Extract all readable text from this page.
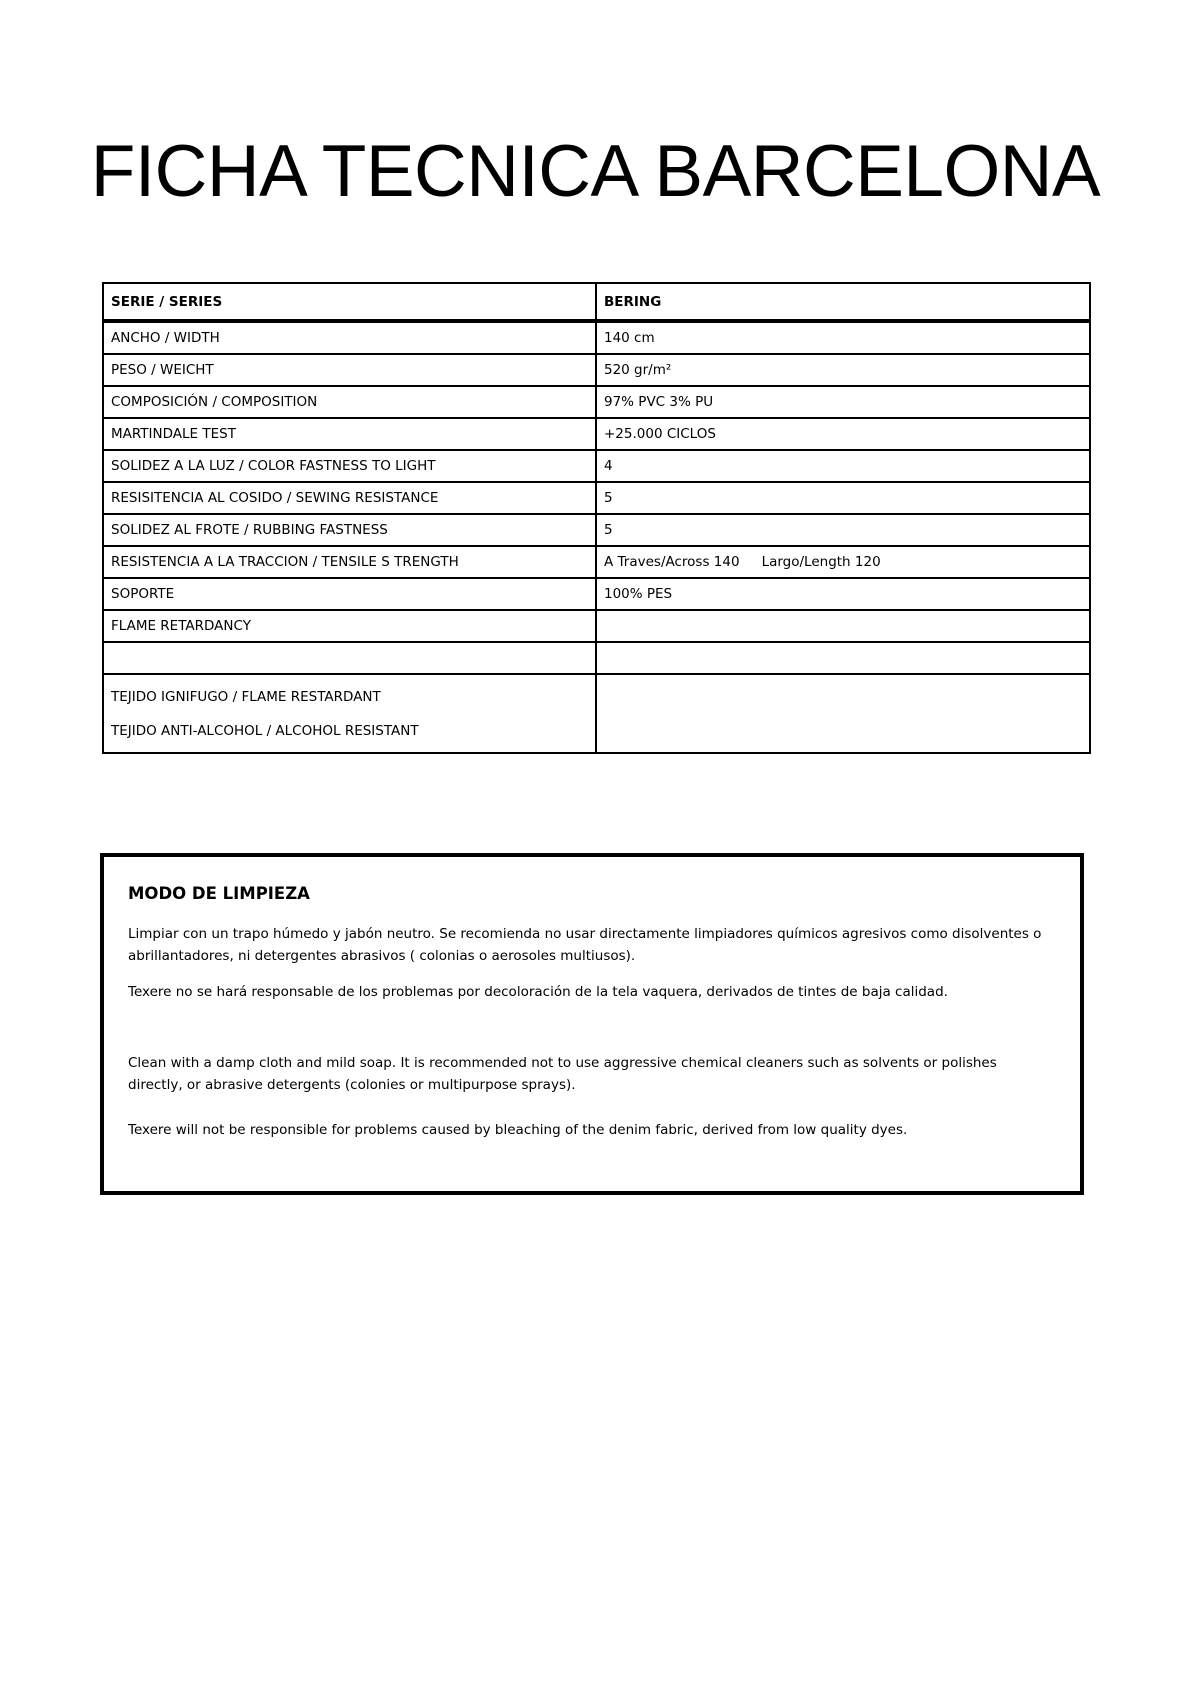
FICHA TECNICA BARCELONA
SERIE / SERIES	BERING
ANCHO / WIDTH	140 cm
PESO / WEICHT	520 gr/m²
COMPOSICIÓN / COMPOSITION	97% PVC 3% PU
MARTINDALE TEST	+25.000 CICLOS
SOLIDEZ A LA LUZ / COLOR FASTNESS TO LIGHT	4
RESISITENCIA AL COSIDO / SEWING RESISTANCE	5
SOLIDEZ AL FROTE / RUBBING FASTNESS	5
RESISTENCIA A LA TRACCION / TENSILE S TRENGTH	A Traves/Across 140 Largo/Length 120
SOPORTE	100% PES
FLAME RETARDANCY	

TEJIDO IGNIFUGO / FLAME RESTARDANT
TEJIDO ANTI-ALCOHOL / ALCOHOL RESISTANT	

MODO DE LIMPIEZA

Limpiar con un trapo húmedo y jabón neutro. Se recomienda no usar directamente limpiadores químicos agresivos como disolventes o abrillantadores, ni detergentes abrasivos ( colonias o aerosoles multiusos).

Texere no se hará responsable de los problemas por decoloración de la tela vaquera, derivados de tintes de baja calidad.

Clean with a damp cloth and mild soap. It is recommended not to use aggressive chemical cleaners such as solvents or polishes directly, or abrasive detergents (colonies or multipurpose sprays).

Texere will not be responsible for problems caused by bleaching of the denim fabric, derived from low quality dyes.
